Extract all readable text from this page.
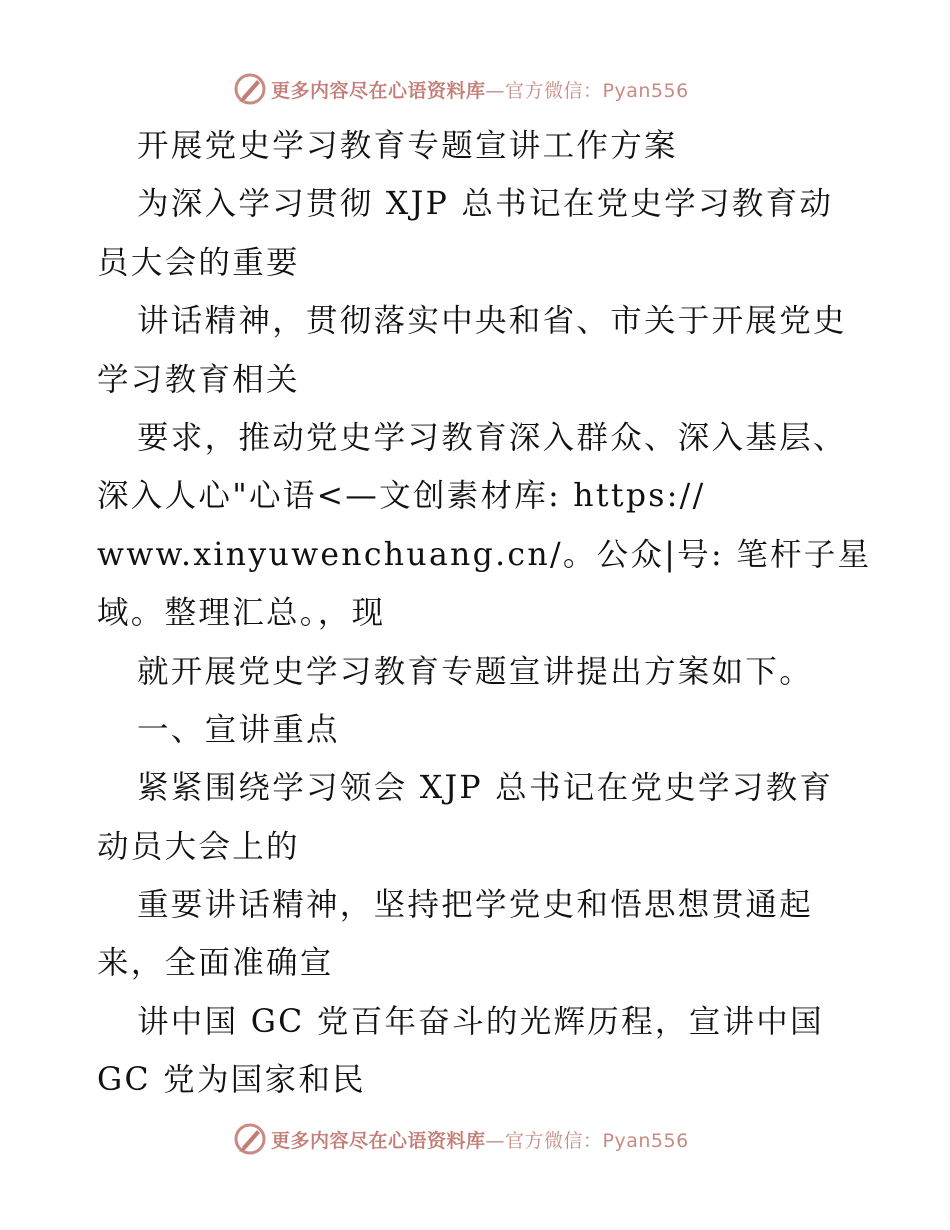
更多内容尽在心语资料库—官方微信：Pyan556
开展党史学习教育专题宣讲工作方案
为深入学习贯彻 XJP 总书记在党史学习教育动
员大会的重要
讲话精神，贯彻落实中央和省、市关于开展党史
学习教育相关
要求，推动党史学习教育深入群众、深入基层、
深入人心"心语<—文创素材库: https://
www.xinyuwenchuang.cn/。公众|号: 笔杆子星
域。整理汇总。，现
就开展党史学习教育专题宣讲提出方案如下。
一、宣讲重点
紧紧围绕学习领会 XJP 总书记在党史学习教育
动员大会上的
重要讲话精神，坚持把学党史和悟思想贯通起
来，全面准确宣
讲中国 GC 党百年奋斗的光辉历程，宣讲中国
GC 党为国家和民
更多内容尽在心语资料库—官方微信：Pyan556
